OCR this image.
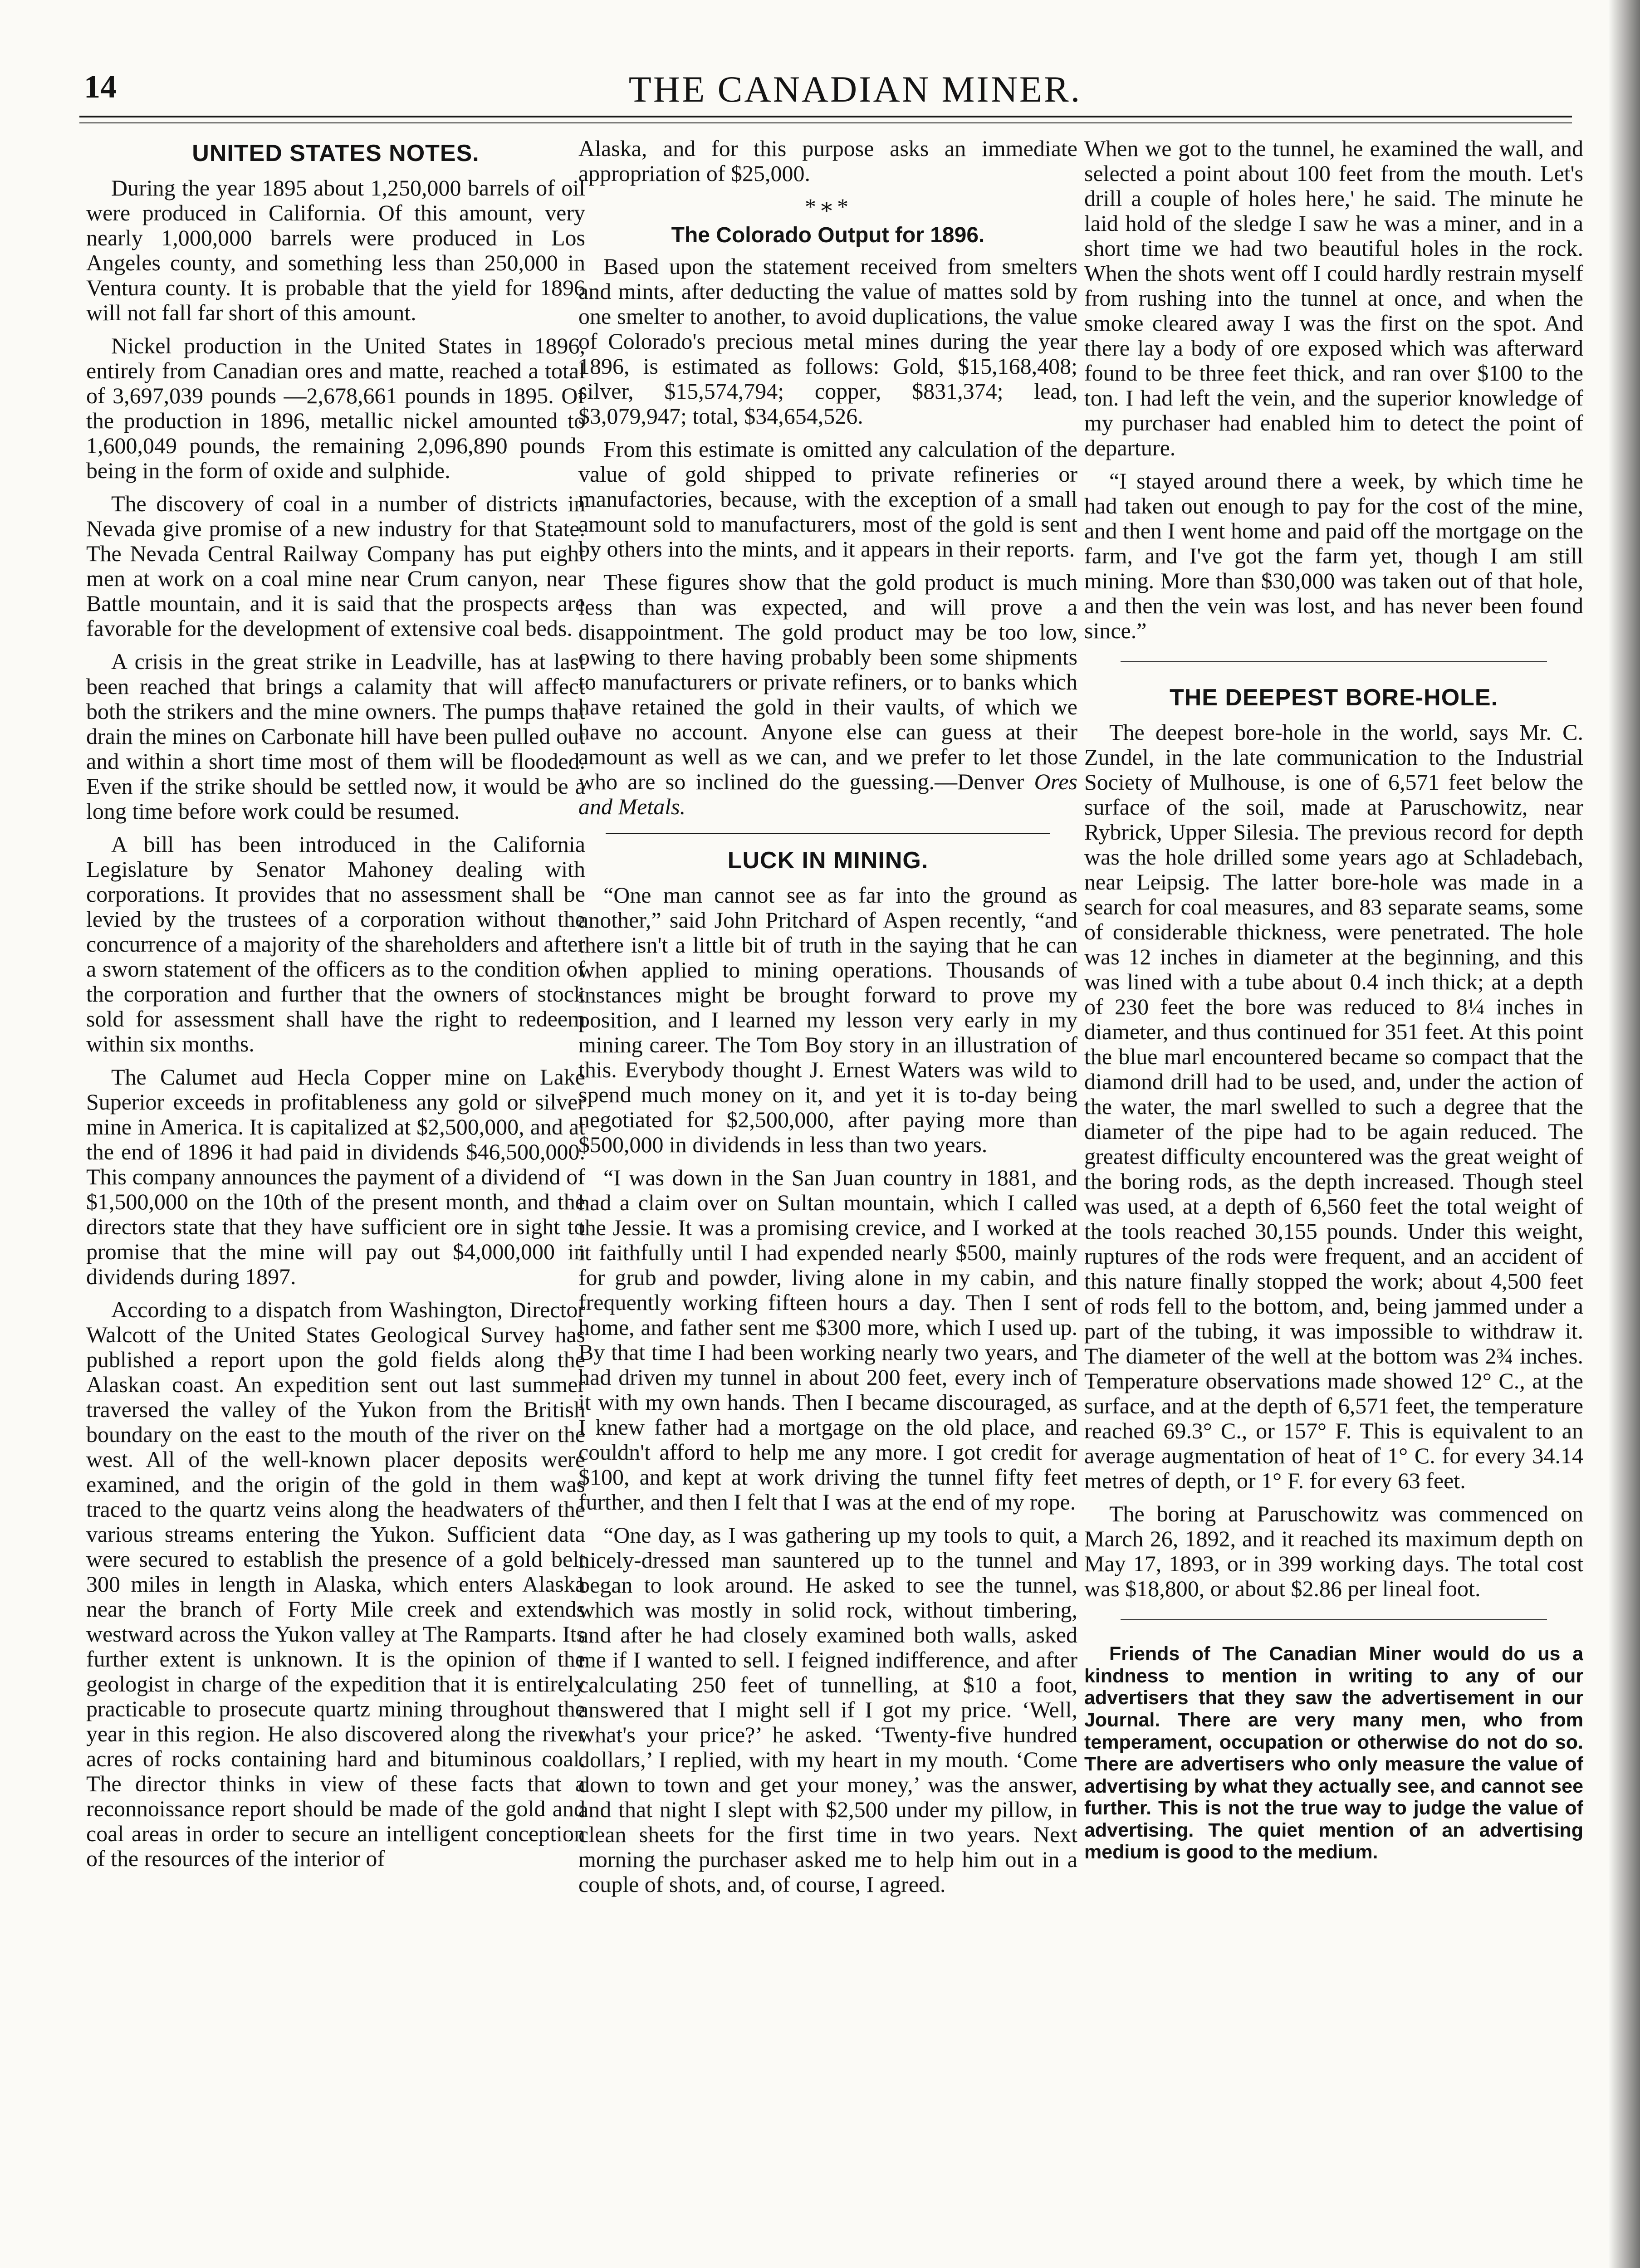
14	THE CANADIAN MINER.
UNITED STATES NOTES.

During the year 1895 about 1,250,000 barrels of oil were produced in California. Of this amount, very nearly 1,000,000 barrels were produced in Los Angeles county, and something less than 250,000 in Ventura county. It is probable that the yield for 1896 will not fall far short of this amount.

Nickel production in the United States in 1896, entirely from Canadian ores and matte, reached a total of 3,697,039 pounds —2,678,661 pounds in 1895. Of the production in 1896, metallic nickel amounted to 1,600,049 pounds, the remaining 2,096,890 pounds being in the form of oxide and sulphide.

The discovery of coal in a number of districts in Nevada give promise of a new industry for that State. The Nevada Central Railway Company has put eight men at work on a coal mine near Crum canyon, near Battle mountain, and it is said that the prospects are favorable for the development of extensive coal beds.

A crisis in the great strike in Leadville, has at last been reached that brings a calamity that will affect both the strikers and the mine owners. The pumps that drain the mines on Carbonate hill have been pulled out and within a short time most of them will be flooded. Even if the strike should be settled now, it would be a long time before work could be resumed.

A bill has been introduced in the California Legislature by Senator Mahoney dealing with corporations. It provides that no assessment shall be levied by the trustees of a corporation without the concurrence of a majority of the shareholders and after a sworn statement of the officers as to the condition of the corporation and further that the owners of stock sold for assessment shall have the right to redeem within six months.

The Calumet aud Hecla Copper mine on Lake Superior exceeds in profitableness any gold or silver mine in America. It is capitalized at $2,500,000, and at the end of 1896 it had paid in dividends $46,500,000. This company announces the payment of a dividend of $1,500,000 on the 10th of the present month, and the directors state that they have sufficient ore in sight to promise that the mine will pay out $4,000,000 in dividends during 1897.

According to a dispatch from Washington, Director Walcott of the United States Geological Survey has published a report upon the gold fields along the Alaskan coast. An expedition sent out last summer traversed the valley of the Yukon from the British boundary on the east to the mouth of the river on the west. All of the well-known placer deposits were examined, and the origin of the gold in them was traced to the quartz veins along the headwaters of the various streams entering the Yukon. Sufficient data were secured to establish the presence of a gold belt 300 miles in length in Alaska, which enters Alaska near the branch of Forty Mile creek and extends westward across the Yukon valley at The Ramparts. Its further extent is unknown. It is the opinion of the geologist in charge of the expedition that it is entirely practicable to prosecute quartz mining throughout the year in this region. He also discovered along the river acres of rocks containing hard and bituminous coal. The director thinks in view of these facts that a reconnoissance report should be made of the gold and coal areas in order to secure an intelligent conception of the resources of the interior of

Alaska, and for this purpose asks an immediate appropriation of $25,000.

*∗*
The Colorado Output for 1896.

Based upon the statement received from smelters and mints, after deducting the value of mattes sold by one smelter to another, to avoid duplications, the value of Colorado's precious metal mines during the year 1896, is estimated as follows: Gold, $15,168,408; silver, $15,574,794; copper, $831,374; lead, $3,079,947; total, $34,654,526.

From this estimate is omitted any calculation of the value of gold shipped to private refineries or manufactories, because, with the exception of a small amount sold to manufacturers, most of the gold is sent by others into the mints, and it appears in their reports.

These figures show that the gold product is much less than was expected, and will prove a disappointment. The gold product may be too low, owing to there having probably been some shipments to manufacturers or private refiners, or to banks which have retained the gold in their vaults, of which we have no account. Anyone else can guess at their amount as well as we can, and we prefer to let those who are so inclined do the guessing.—Denver Ores and Metals.

LUCK IN MINING.

“One man cannot see as far into the ground as another,” said John Pritchard of Aspen recently, “and there isn't a little bit of truth in the saying that he can when applied to mining operations. Thousands of instances might be brought forward to prove my position, and I learned my lesson very early in my mining career. The Tom Boy story in an illustration of this. Everybody thought J. Ernest Waters was wild to spend much money on it, and yet it is to-day being negotiated for $2,500,000, after paying more than $500,000 in dividends in less than two years.

“I was down in the San Juan country in 1881, and had a claim over on Sultan mountain, which I called the Jessie. It was a promising crevice, and I worked at it faithfully until I had expended nearly $500, mainly for grub and powder, living alone in my cabin, and frequently working fifteen hours a day. Then I sent home, and father sent me $300 more, which I used up. By that time I had been working nearly two years, and had driven my tunnel in about 200 feet, every inch of it with my own hands. Then I became discouraged, as I knew father had a mortgage on the old place, and couldn't afford to help me any more. I got credit for $100, and kept at work driving the tunnel fifty feet further, and then I felt that I was at the end of my rope.

“One day, as I was gathering up my tools to quit, a nicely-dressed man sauntered up to the tunnel and began to look around. He asked to see the tunnel, which was mostly in solid rock, without timbering, and after he had closely examined both walls, asked me if I wanted to sell. I feigned indifference, and after calculating 250 feet of tunnelling, at $10 a foot, answered that I might sell if I got my price. ‘Well, what's your price?’ he asked. ‘Twenty-five hundred dollars,’ I replied, with my heart in my mouth. ‘Come down to town and get your money,’ was the answer, and that night I slept with $2,500 under my pillow, in clean sheets for the first time in two years. Next morning the purchaser asked me to help him out in a couple of shots, and, of course, I agreed.

When we got to the tunnel, he examined the wall, and selected a point about 100 feet from the mouth. Let's drill a couple of holes here,' he said. The minute he laid hold of the sledge I saw he was a miner, and in a short time we had two beautiful holes in the rock. When the shots went off I could hardly restrain myself from rushing into the tunnel at once, and when the smoke cleared away I was the first on the spot. And there lay a body of ore exposed which was afterward found to be three feet thick, and ran over $100 to the ton. I had left the vein, and the superior knowledge of my purchaser had enabled him to detect the point of departure.

“I stayed around there a week, by which time he had taken out enough to pay for the cost of the mine, and then I went home and paid off the mortgage on the farm, and I've got the farm yet, though I am still mining. More than $30,000 was taken out of that hole, and then the vein was lost, and has never been found since.”

THE DEEPEST BORE-HOLE.

The deepest bore-hole in the world, says Mr. C. Zundel, in the late communication to the Industrial Society of Mulhouse, is one of 6,571 feet below the surface of the soil, made at Paruschowitz, near Rybrick, Upper Silesia. The previous record for depth was the hole drilled some years ago at Schladebach, near Leipsig. The latter bore-hole was made in a search for coal measures, and 83 separate seams, some of considerable thickness, were penetrated. The hole was 12 inches in diameter at the beginning, and this was lined with a tube about 0.4 inch thick; at a depth of 230 feet the bore was reduced to 8¼ inches in diameter, and thus continued for 351 feet. At this point the blue marl encountered became so compact that the diamond drill had to be used, and, under the action of the water, the marl swelled to such a degree that the diameter of the pipe had to be again reduced. The greatest difficulty encountered was the great weight of the boring rods, as the depth increased. Though steel was used, at a depth of 6,560 feet the total weight of the tools reached 30,155 pounds. Under this weight, ruptures of the rods were frequent, and an accident of this nature finally stopped the work; about 4,500 feet of rods fell to the bottom, and, being jammed under a part of the tubing, it was impossible to withdraw it. The diameter of the well at the bottom was 2¾ inches. Temperature observations made showed 12° C., at the surface, and at the depth of 6,571 feet, the temperature reached 69.3° C., or 157° F. This is equivalent to an average augmentation of heat of 1° C. for every 34.14 metres of depth, or 1° F. for every 63 feet.

The boring at Paruschowitz was commenced on March 26, 1892, and it reached its maximum depth on May 17, 1893, or in 399 working days. The total cost was $18,800, or about $2.86 per lineal foot.

Friends of The Canadian Miner would do us a kindness to mention in writing to any of our advertisers that they saw the advertisement in our Journal. There are very many men, who from temperament, occupation or otherwise do not do so. There are advertisers who only measure the value of advertising by what they actually see, and cannot see further. This is not the true way to judge the value of advertising. The quiet mention of an advertising medium is good to the medium.
